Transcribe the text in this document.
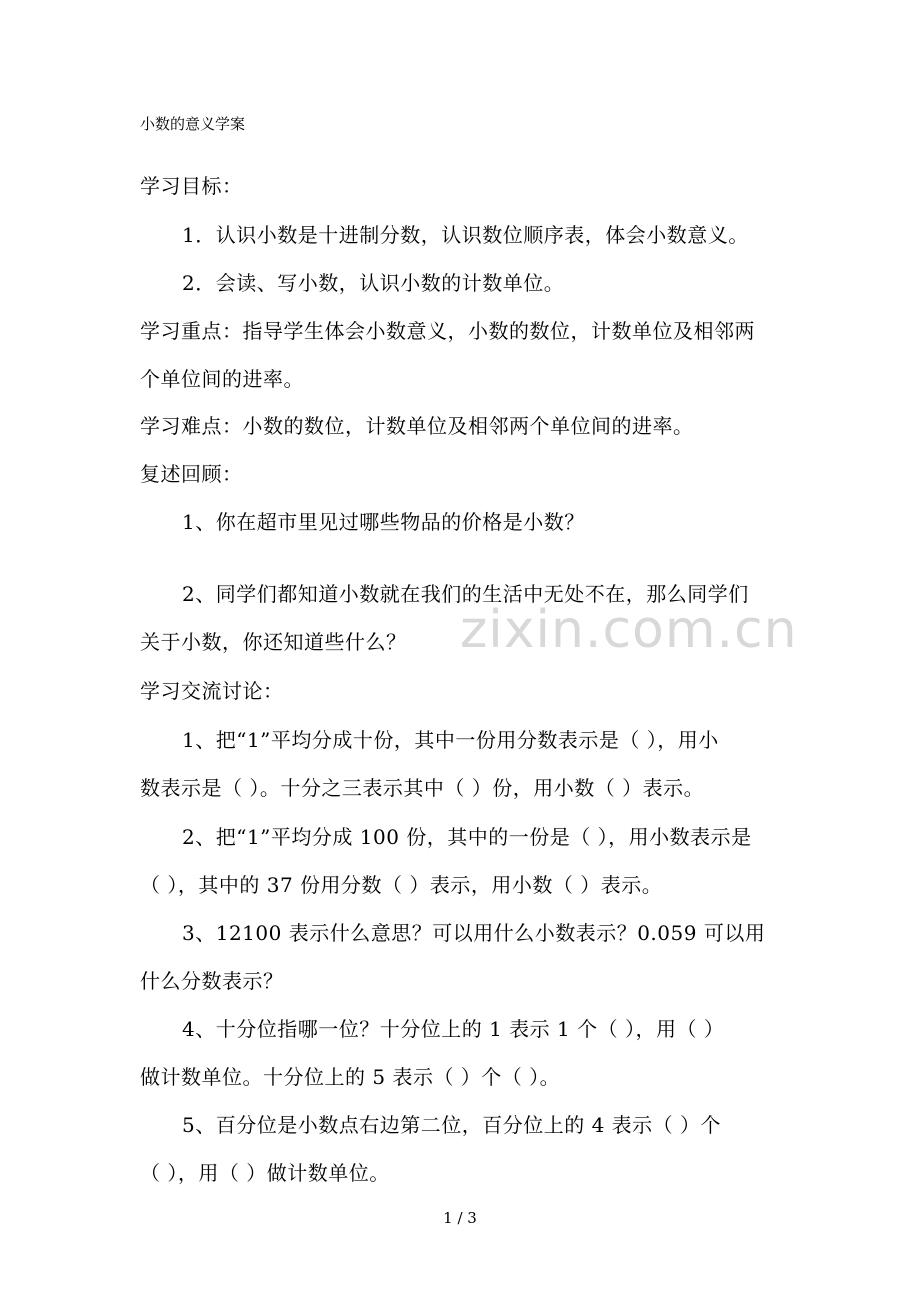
小数的意义学案
学习目标：
1．认识小数是十进制分数，认识数位顺序表，体会小数意义。
2．会读、写小数，认识小数的计数单位。
学习重点：指导学生体会小数意义，小数的数位，计数单位及相邻两
个单位间的进率。
学习难点：小数的数位，计数单位及相邻两个单位间的进率。
复述回顾：
1、你在超市里见过哪些物品的价格是小数？
2、同学们都知道小数就在我们的生活中无处不在，那么同学们
关于小数，你还知道些什么？
学习交流讨论：
1、把“1”平均分成十份，其中一份用分数表示是（ ），用小
数表示是（ ）。十分之三表示其中（ ）份，用小数（ ）表示。
2、把“1”平均分成 100 份，其中的一份是（ ），用小数表示是
（ ），其中的 37 份用分数（ ）表示，用小数（ ）表示。
3、12100 表示什么意思？可以用什么小数表示？0.059 可以用
什么分数表示？
4、十分位指哪一位？十分位上的 1 表示 1 个（ ），用（ ）
做计数单位。十分位上的 5 表示（ ）个（ ）。
5、百分位是小数点右边第二位，百分位上的 4 表示（ ）个
（ ），用（ ）做计数单位。
zixin.com.cn
1 / 3
